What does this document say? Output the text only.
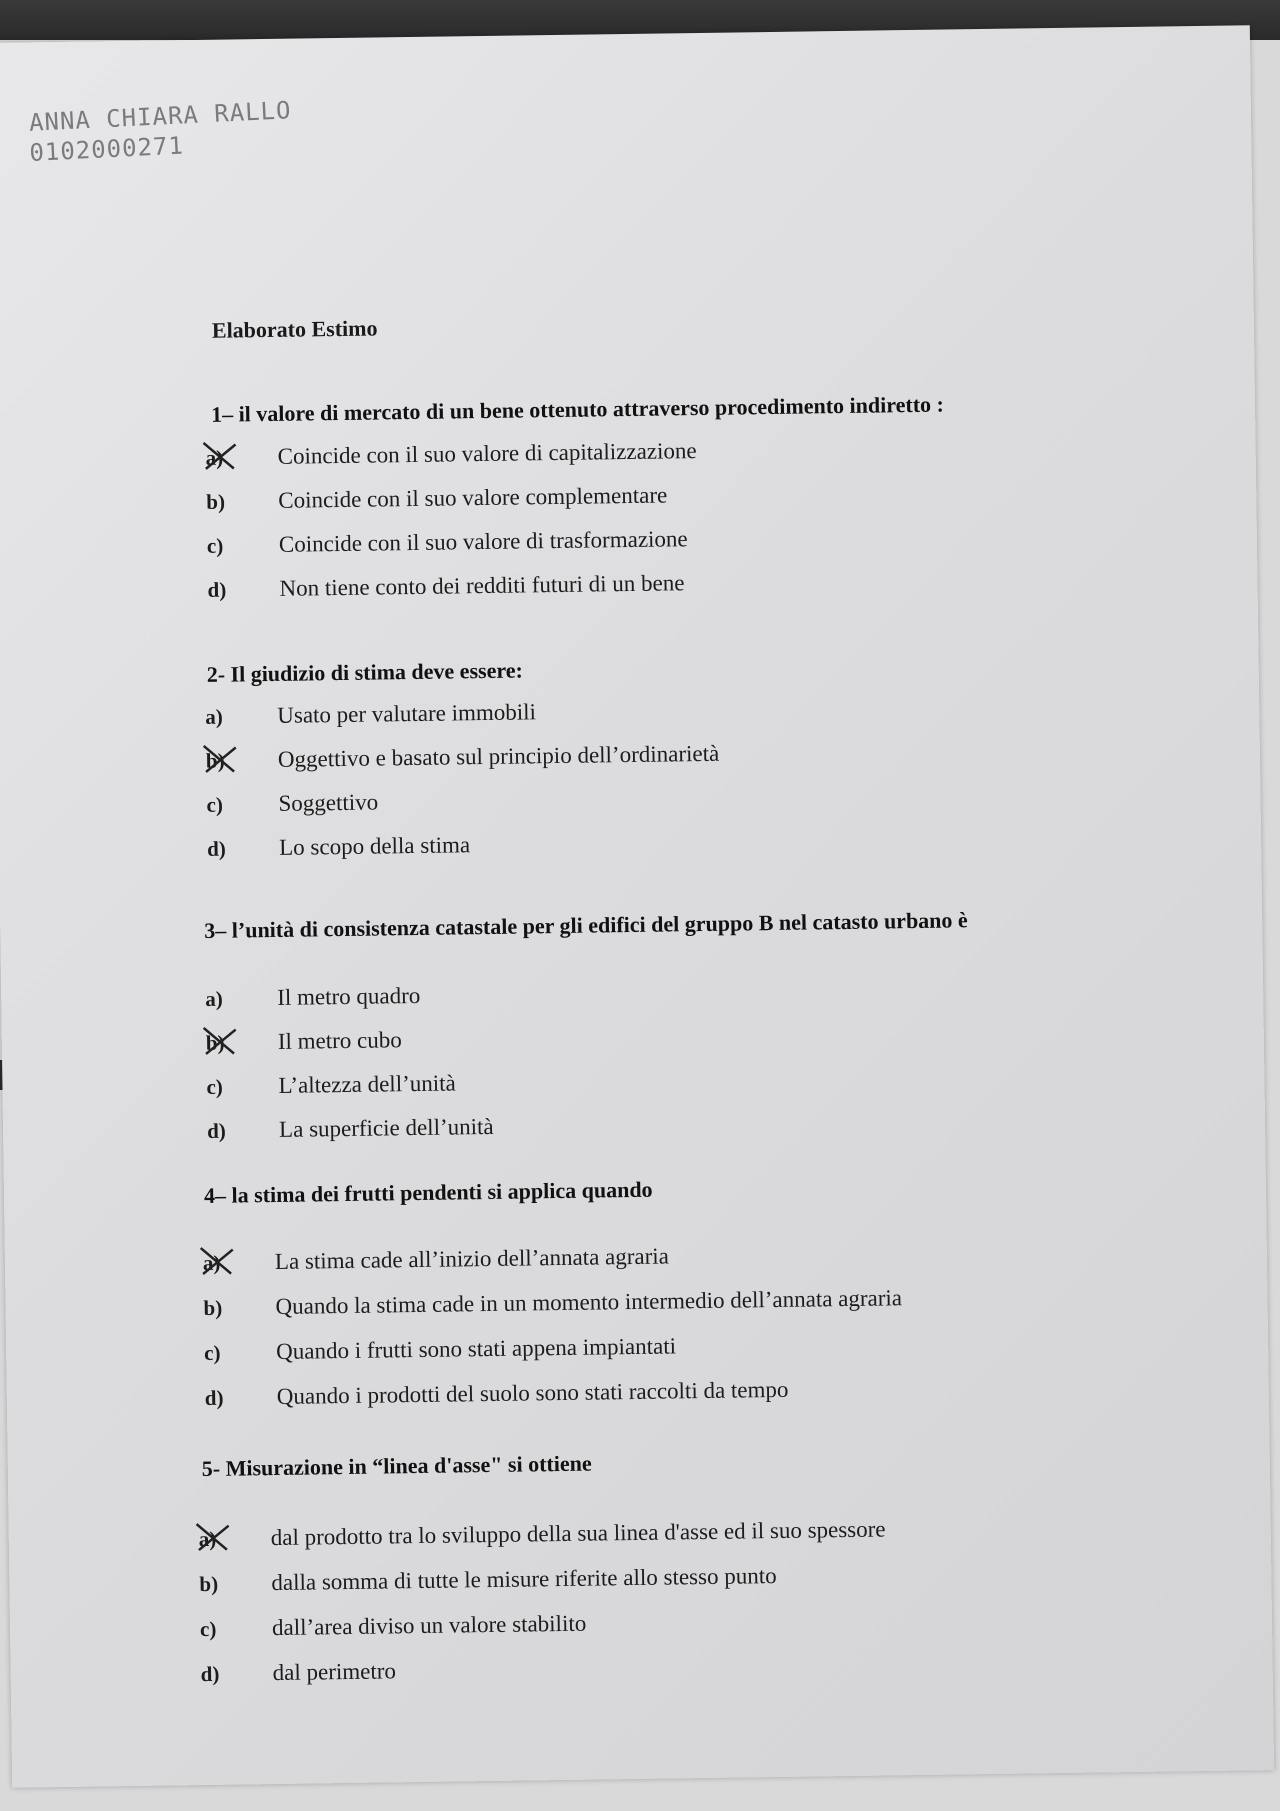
ANNA CHIARA RALLO
0102000271
Elaborato Estimo
1– il valore di mercato di un bene ottenuto attraverso procedimento indiretto :
a) Coincide con il suo valore di capitalizzazione
b) Coincide con il suo valore complementare
c) Coincide con il suo valore di trasformazione
d) Non tiene conto dei redditi futuri di un bene
2- Il giudizio di stima deve essere:
a) Usato per valutare immobili
b) Oggettivo e basato sul principio dell’ordinarietà
c) Soggettivo
d) Lo scopo della stima
3– l’unità di consistenza catastale per gli edifici del gruppo B nel catasto urbano è
a) Il metro quadro
b) Il metro cubo
c) L’altezza dell’unità
d) La superficie dell’unità
4– la stima dei frutti pendenti si applica quando
a) La stima cade all’inizio dell’annata agraria
b) Quando la stima cade in un momento intermedio dell’annata agraria
c) Quando i frutti sono stati appena impiantati
d) Quando i prodotti del suolo sono stati raccolti da tempo
5- Misurazione in “linea d'asse" si ottiene
a) dal prodotto tra lo sviluppo della sua linea d'asse ed il suo spessore
b) dalla somma di tutte le misure riferite allo stesso punto
c) dall’area diviso un valore stabilito
d) dal perimetro
